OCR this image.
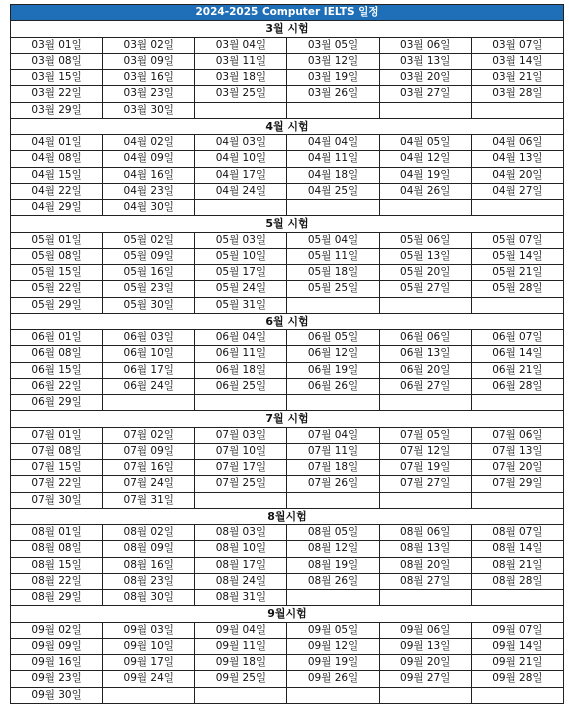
2024-2025 Computer IELTS 일정					
3월 시험					
03월 01일	03월 02일	03월 04일	03월 05일	03월 06일	03월 07일
03월 08일	03월 09일	03월 11일	03월 12일	03월 13일	03월 14일
03월 15일	03월 16일	03월 18일	03월 19일	03월 20일	03월 21일
03월 22일	03월 23일	03월 25일	03월 26일	03월 27일	03월 28일
03월 29일	03월 30일				
4월 시험					
04월 01일	04월 02일	04월 03일	04월 04일	04월 05일	04월 06일
04월 08일	04월 09일	04월 10일	04월 11일	04월 12일	04월 13일
04월 15일	04월 16일	04월 17일	04월 18일	04월 19일	04월 20일
04월 22일	04월 23일	04월 24일	04월 25일	04월 26일	04월 27일
04월 29일	04월 30일				
5월 시험					
05월 01일	05월 02일	05월 03일	05월 04일	05월 06일	05월 07일
05월 08일	05월 09일	05월 10일	05월 11일	05월 13일	05월 14일
05월 15일	05월 16일	05월 17일	05월 18일	05월 20일	05월 21일
05월 22일	05월 23일	05월 24일	05월 25일	05월 27일	05월 28일
05월 29일	05월 30일	05월 31일			
6월 시험					
06월 01일	06월 03일	06월 04일	06월 05일	06월 06일	06월 07일
06월 08일	06월 10일	06월 11일	06월 12일	06월 13일	06월 14일
06월 15일	06월 17일	06월 18일	06월 19일	06월 20일	06월 21일
06월 22일	06월 24일	06월 25일	06월 26일	06월 27일	06월 28일
06월 29일					
7월 시험					
07월 01일	07월 02일	07월 03일	07월 04일	07월 05일	07월 06일
07월 08일	07월 09일	07월 10일	07월 11일	07월 12일	07월 13일
07월 15일	07월 16일	07월 17일	07월 18일	07월 19일	07월 20일
07월 22일	07월 24일	07월 25일	07월 26일	07월 27일	07월 29일
07월 30일	07월 31일				
8월시험					
08월 01일	08월 02일	08월 03일	08월 05일	08월 06일	08월 07일
08월 08일	08월 09일	08월 10일	08월 12일	08월 13일	08월 14일
08월 15일	08월 16일	08월 17일	08월 19일	08월 20일	08월 21일
08월 22일	08월 23일	08월 24일	08월 26일	08월 27일	08월 28일
08월 29일	08월 30일	08월 31일			
9월시험					
09월 02일	09월 03일	09월 04일	09월 05일	09월 06일	09월 07일
09월 09일	09월 10일	09월 11일	09월 12일	09월 13일	09월 14일
09월 16일	09월 17일	09월 18일	09월 19일	09월 20일	09월 21일
09월 23일	09월 24일	09월 25일	09월 26일	09월 27일	09월 28일
09월 30일					
